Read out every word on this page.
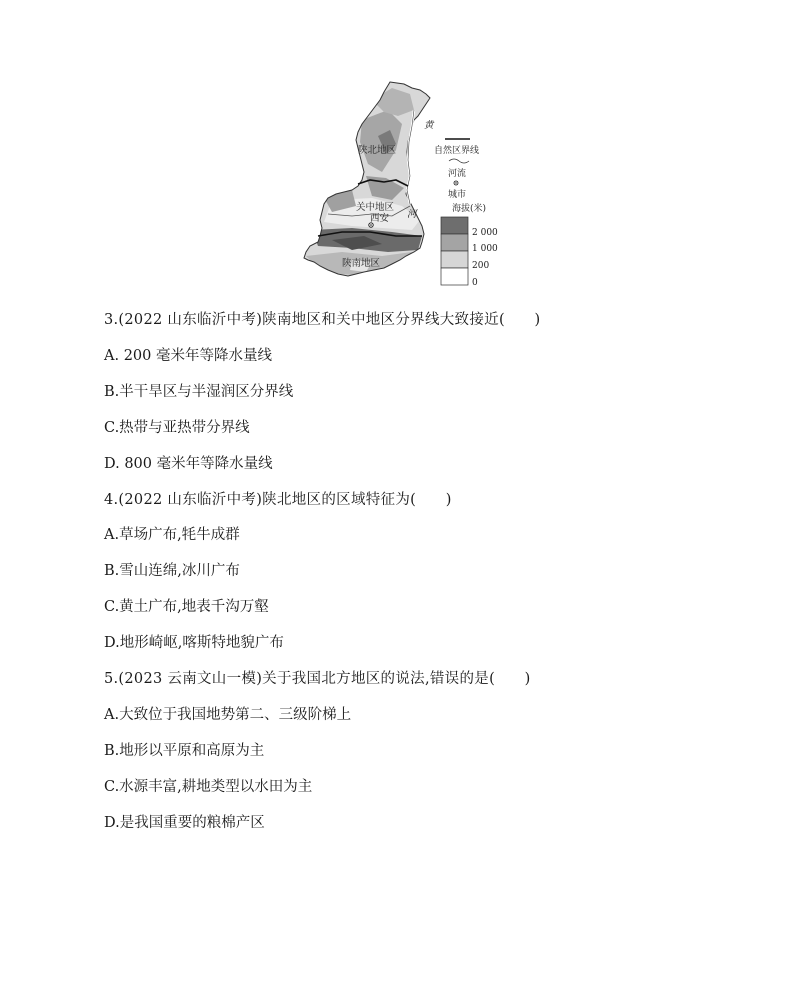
陕北地区
关中地区
西安
陕南地区
黄
河
自然区界线
河流
城市
海拔(米)
2 000
1 000
200
0
3.(2022 山东临沂中考)陕南地区和关中地区分界线大致接近(　　)
A. 200 毫米年等降水量线
B.半干旱区与半湿润区分界线
C.热带与亚热带分界线
D. 800 毫米年等降水量线
4.(2022 山东临沂中考)陕北地区的区域特征为(　　)
A.草场广布,牦牛成群
B.雪山连绵,冰川广布
C.黄土广布,地表千沟万壑
D.地形崎岖,喀斯特地貌广布
5.(2023 云南文山一模)关于我国北方地区的说法,错误的是(　　)
A.大致位于我国地势第二、三级阶梯上
B.地形以平原和高原为主
C.水源丰富,耕地类型以水田为主
D.是我国重要的粮棉产区
